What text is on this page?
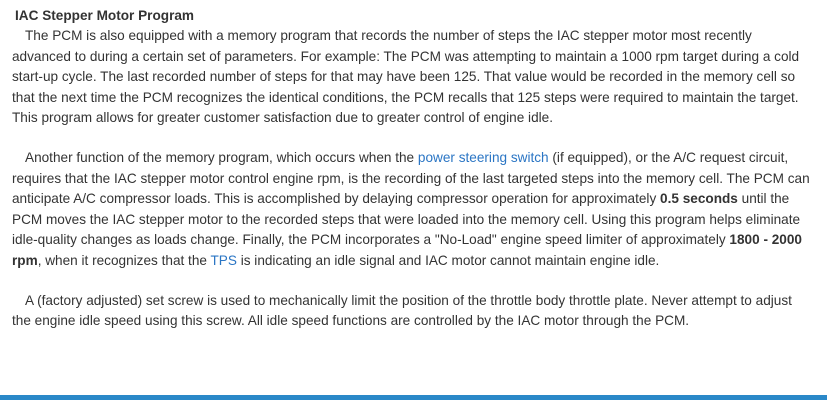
IAC Stepper Motor Program

The PCM is also equipped with a memory program that records the number of steps the IAC stepper motor most recently advanced to during a certain set of parameters. For example: The PCM was attempting to maintain a 1000 rpm target during a cold start-up cycle. The last recorded number of steps for that may have been 125. That value would be recorded in the memory cell so that the next time the PCM recognizes the identical conditions, the PCM recalls that 125 steps were required to maintain the target. This program allows for greater customer satisfaction due to greater control of engine idle.

Another function of the memory program, which occurs when the power steering switch (if equipped), or the A/C request circuit, requires that the IAC stepper motor control engine rpm, is the recording of the last targeted steps into the memory cell. The PCM can anticipate A/C compressor loads. This is accomplished by delaying compressor operation for approximately 0.5 seconds until the PCM moves the IAC stepper motor to the recorded steps that were loaded into the memory cell. Using this program helps eliminate idle-quality changes as loads change. Finally, the PCM incorporates a "No-Load" engine speed limiter of approximately 1800 - 2000 rpm, when it recognizes that the TPS is indicating an idle signal and IAC motor cannot maintain engine idle.

A (factory adjusted) set screw is used to mechanically limit the position of the throttle body throttle plate. Never attempt to adjust the engine idle speed using this screw. All idle speed functions are controlled by the IAC motor through the PCM.
